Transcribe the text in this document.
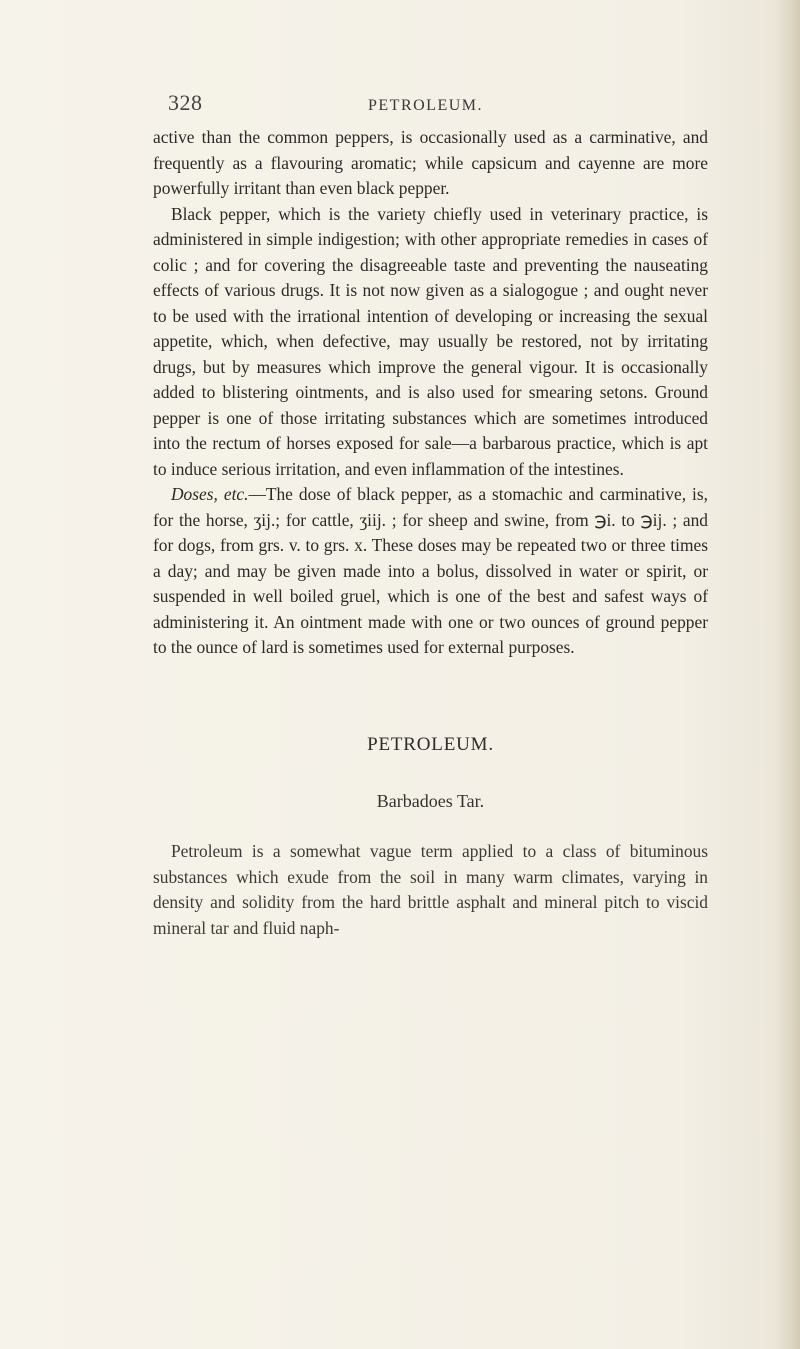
328	PETROLEUM.

active than the common peppers, is occasionally used as a carminative, and frequently as a flavouring aromatic; while capsicum and cayenne are more powerfully irritant than even black pepper.

Black pepper, which is the variety chiefly used in veterinary practice, is administered in simple indigestion; with other appropriate remedies in cases of colic ; and for covering the disagreeable taste and preventing the nauseating effects of various drugs. It is not now given as a sialogogue ; and ought never to be used with the irrational intention of developing or increasing the sexual appetite, which, when defective, may usually be restored, not by irritating drugs, but by measures which improve the general vigour. It is occasionally added to blistering ointments, and is also used for smearing setons. Ground pepper is one of those irritating substances which are sometimes introduced into the rectum of horses exposed for sale—a barbarous practice, which is apt to induce serious irritation, and even inflammation of the intestines.

Doses, etc.—The dose of black pepper, as a stomachic and carminative, is, for the horse, ʒij.; for cattle, ʒiij. ; for sheep and swine, from ℈i. to ℈ij. ; and for dogs, from grs. v. to grs. x. These doses may be repeated two or three times a day; and may be given made into a bolus, dissolved in water or spirit, or suspended in well boiled gruel, which is one of the best and safest ways of administering it. An ointment made with one or two ounces of ground pepper to the ounce of lard is sometimes used for external purposes.

PETROLEUM.
Barbadoes Tar.

Petroleum is a somewhat vague term applied to a class of bituminous substances which exude from the soil in many warm climates, varying in density and solidity from the hard brittle asphalt and mineral pitch to viscid mineral tar and fluid naph-
